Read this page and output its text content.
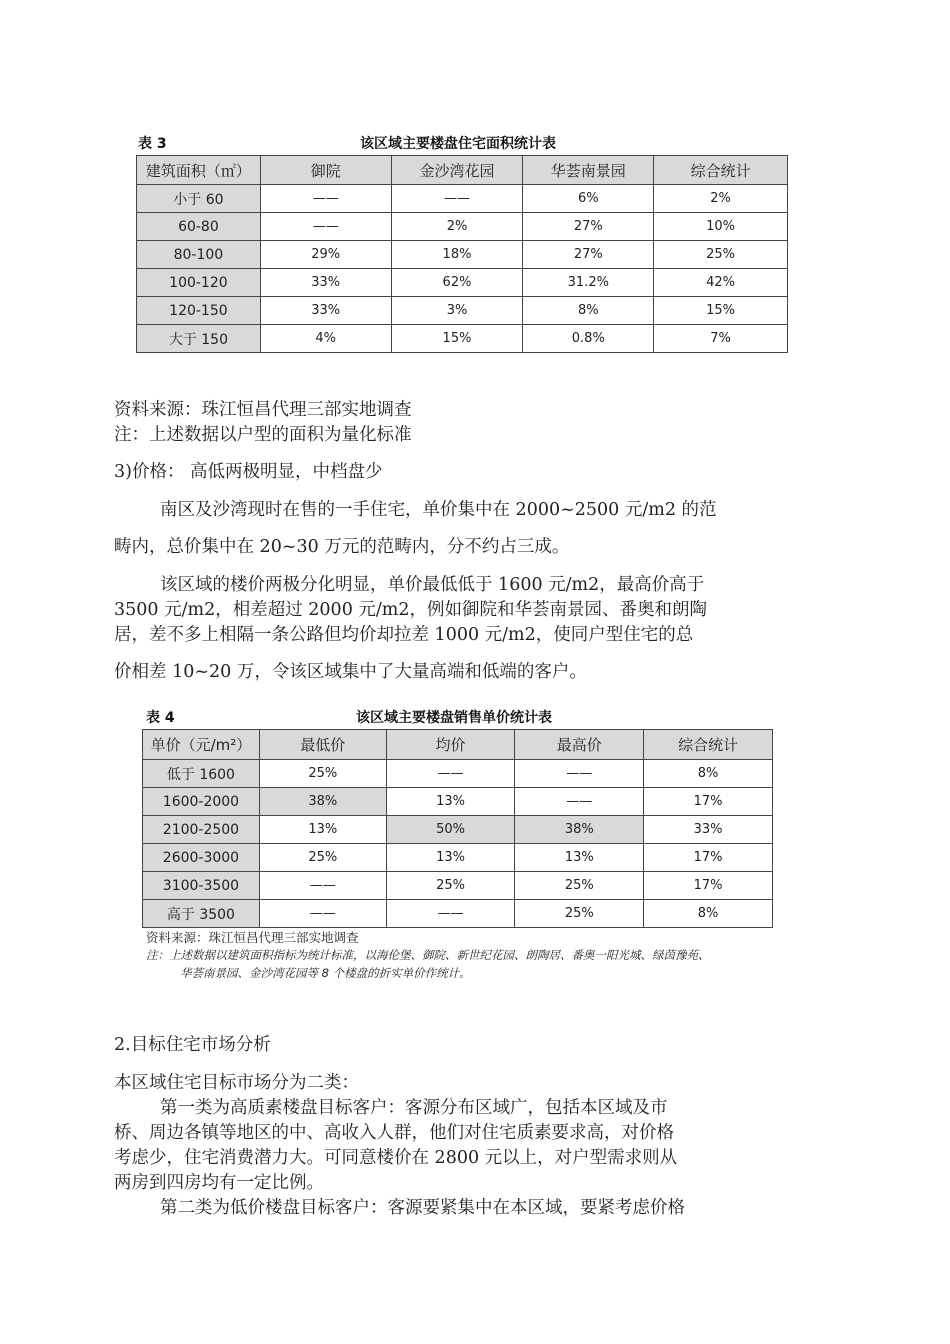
表 3	该区域主要楼盘住宅面积统计表
建筑面积（㎡）	御院	金沙湾花园	华荟南景园	综合统计
小于 60	——	——	6%	2%
60-80	——	2%	27%	10%
80-100	29%	18%	27%	25%
100-120	33%	62%	31.2%	42%
120-150	33%	3%	8%	15%
大于 150	4%	15%	0.8%	7%
资料来源：珠江恒昌代理三部实地调查
注：上述数据以户型的面积为量化标准
3)价格： 高低两极明显，中档盘少
南区及沙湾现时在售的一手住宅，单价集中在 2000~2500 元/m2 的范
畴内，总价集中在 20~30 万元的范畴内，分不约占三成。
该区域的楼价两极分化明显，单价最低低于 1600 元/m2，最高价高于
3500 元/m2，相差超过 2000 元/m2，例如御院和华荟南景园、番奥和朗陶
居，差不多上相隔一条公路但均价却拉差 1000 元/m2，使同户型住宅的总
价相差 10~20 万，令该区域集中了大量高端和低端的客户。
表 4	该区域主要楼盘销售单价统计表
单价（元/m²）	最低价	均价	最高价	综合统计
低于 1600	25%	——	——	8%
1600-2000	38%	13%	——	17%
2100-2500	13%	50%	38%	33%
2600-3000	25%	13%	13%	17%
3100-3500	——	25%	25%	17%
高于 3500	——	——	25%	8%
资料来源：珠江恒昌代理三部实地调查
注：上述数据以建筑面积指标为统计标准，以海伦堡、御院、新世纪花园、朗陶居、番奥一阳光城、绿茵豫苑、
华荟南景园、金沙湾花园等 8 个楼盘的折实单价作统计。
2.目标住宅市场分析
本区域住宅目标市场分为二类：
第一类为高质素楼盘目标客户：客源分布区域广，包括本区域及市
桥、周边各镇等地区的中、高收入人群，他们对住宅质素要求高，对价格
考虑少，住宅消费潜力大。可同意楼价在 2800 元以上，对户型需求则从
两房到四房均有一定比例。
第二类为低价楼盘目标客户：客源要紧集中在本区域，要紧考虑价格
